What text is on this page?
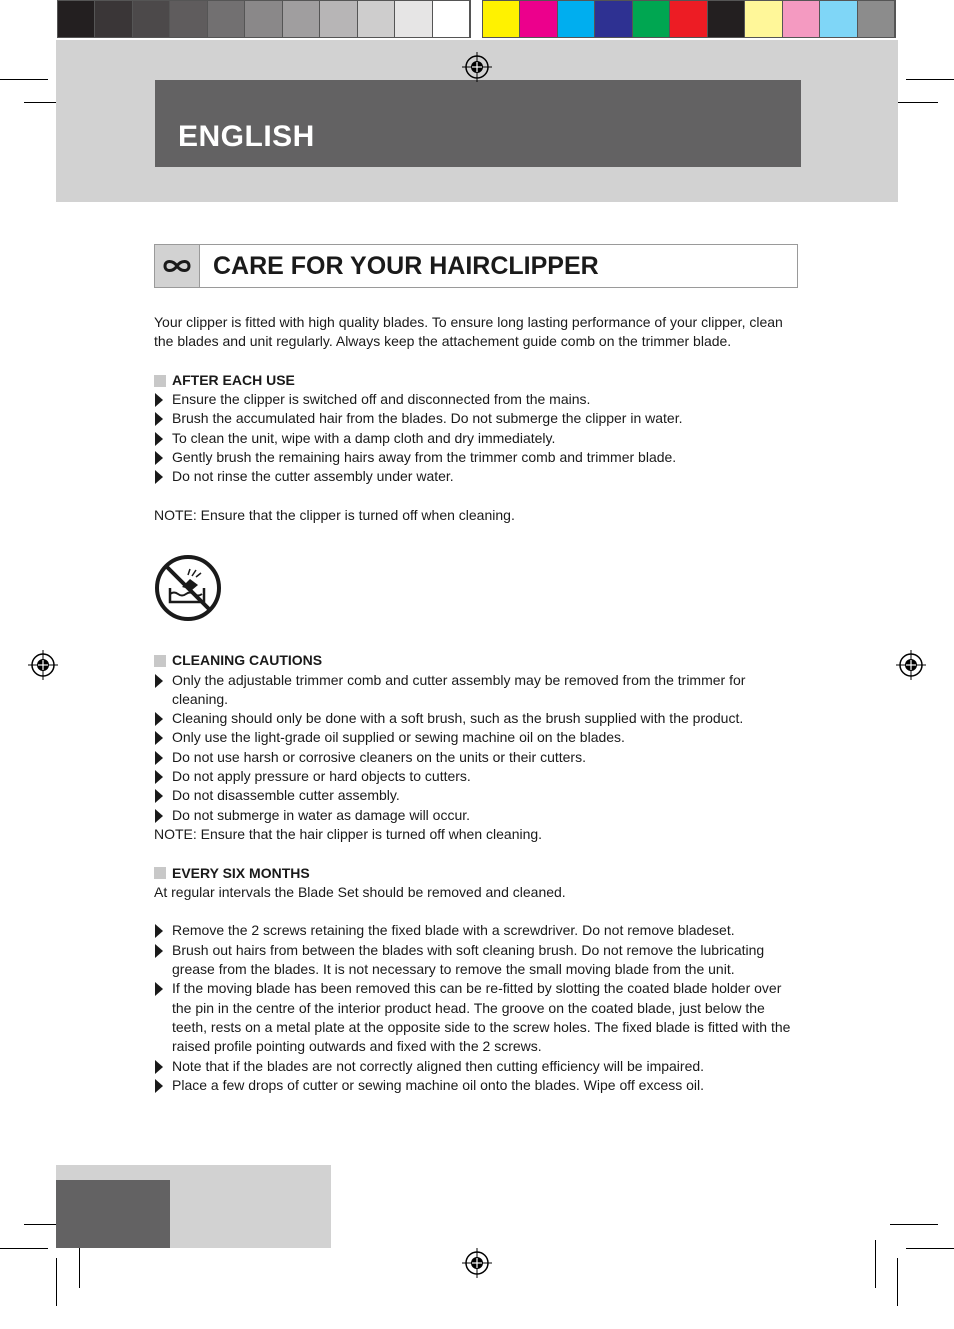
ENGLISH
CARE FOR YOUR HAIRCLIPPER

Your clipper is fitted with high quality blades. To ensure long lasting performance of your clipper, clean the blades and unit regularly. Always keep the attachement guide comb on the trimmer blade.

AFTER EACH USE
Ensure the clipper is switched off and disconnected from the mains.
Brush the accumulated hair from the blades. Do not submerge the clipper in water.
To clean the unit, wipe with a damp cloth and dry immediately.
Gently brush the remaining hairs away from the trimmer comb and trimmer blade.
Do not rinse the cutter assembly under water.

NOTE: Ensure that the clipper is turned off when cleaning.

CLEANING CAUTIONS
Only the adjustable trimmer comb and cutter assembly may be removed from the trimmer for cleaning.
Cleaning should only be done with a soft brush, such as the brush supplied with the product.
Only use the light-grade oil supplied or sewing machine oil on the blades.
Do not use harsh or corrosive cleaners on the units or their cutters.
Do not apply pressure or hard objects to cutters.
Do not disassemble cutter assembly.
Do not submerge in water as damage will occur.

NOTE: Ensure that the hair clipper is turned off when cleaning.

EVERY SIX MONTHS

At regular intervals the Blade Set should be removed and cleaned.

Remove the 2 screws retaining the fixed blade with a screwdriver. Do not remove bladeset.
Brush out hairs from between the blades with soft cleaning brush. Do not remove the lubricating grease from the blades. It is not necessary to remove the small moving blade from the unit.
If the moving blade has been removed this can be re-fitted by slotting the coated blade holder over the pin in the centre of the interior product head. The groove on the coated blade, just below the teeth, rests on a metal plate at the opposite side to the screw holes. The fixed blade is fitted with the raised profile pointing outwards and fixed with the 2 screws.
Note that if the blades are not correctly aligned then cutting efficiency will be impaired.
Place a few drops of cutter or sewing machine oil onto the blades. Wipe off excess oil.
